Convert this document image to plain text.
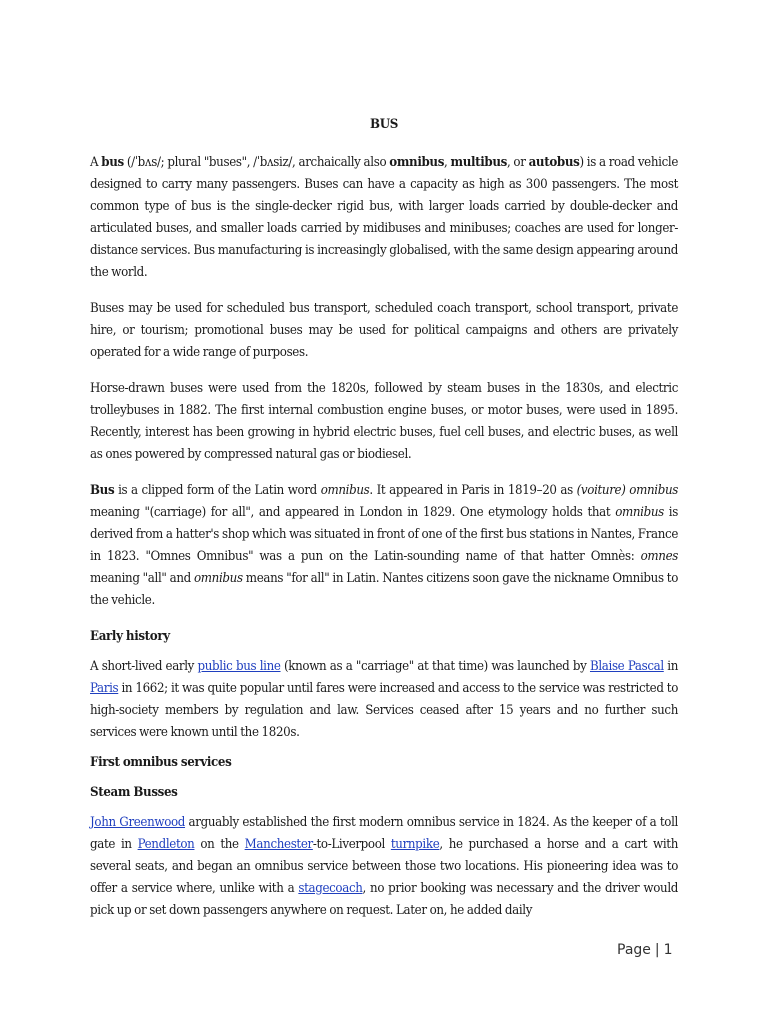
BUS

A bus (/ˈbʌs/; plural "buses", /ˈbʌsiz/, archaically also omnibus, multibus, or autobus) is a road vehicle designed to carry many passengers. Buses can have a capacity as high as 300 passengers. The most common type of bus is the single-decker rigid bus, with larger loads carried by double-decker and articulated buses, and smaller loads carried by midibuses and minibuses; coaches are used for longer-distance services. Bus manufacturing is increasingly globalised, with the same design appearing around the world.

Buses may be used for scheduled bus transport, scheduled coach transport, school transport, private hire, or tourism; promotional buses may be used for political campaigns and others are privately operated for a wide range of purposes.

Horse-drawn buses were used from the 1820s, followed by steam buses in the 1830s, and electric trolleybuses in 1882. The first internal combustion engine buses, or motor buses, were used in 1895. Recently, interest has been growing in hybrid electric buses, fuel cell buses, and electric buses, as well as ones powered by compressed natural gas or biodiesel.

Bus is a clipped form of the Latin word omnibus. It appeared in Paris in 1819–20 as (voiture) omnibus meaning "(carriage) for all", and appeared in London in 1829. One etymology holds that omnibus is derived from a hatter's shop which was situated in front of one of the first bus stations in Nantes, France in 1823. "Omnes Omnibus" was a pun on the Latin-sounding name of that hatter Omnès: omnes meaning "all" and omnibus means "for all" in Latin. Nantes citizens soon gave the nickname Omnibus to the vehicle.

Early history

A short-lived early public bus line (known as a "carriage" at that time) was launched by Blaise Pascal in Paris in 1662; it was quite popular until fares were increased and access to the service was restricted to high-society members by regulation and law. Services ceased after 15 years and no further such services were known until the 1820s.

First omnibus services
Steam Busses

John Greenwood arguably established the first modern omnibus service in 1824. As the keeper of a toll gate in Pendleton on the Manchester-to-Liverpool turnpike, he purchased a horse and a cart with several seats, and began an omnibus service between those two locations. His pioneering idea was to offer a service where, unlike with a stagecoach, no prior booking was necessary and the driver would pick up or set down passengers anywhere on request. Later on, he added daily

Page | 1
